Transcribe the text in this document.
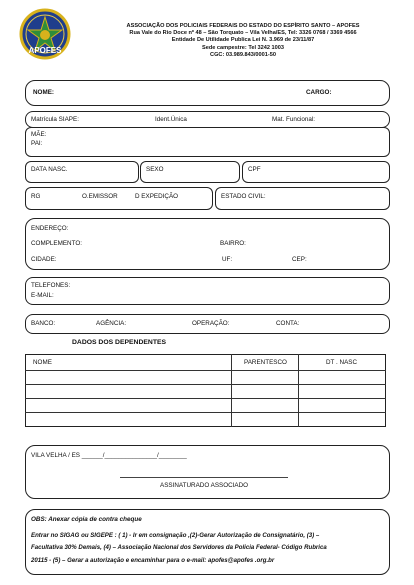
APOFES
ASSOCIAÇÃO DOS POLICIAIS FEDERAIS DO ESTADO DO ESPÍRITO SANTO – APOFES
Rua Vale do Rio Doce nº 48 – São Torquato – Vila Velha/ES, Tel: 3326 0768 / 3369 4566
Entidade De Utilidade Publica Lei N. 3.969 de 23/11/87
Sede campestre: Tel 3242 1003
CGC: 03.989.843/0001-50
NOME:	CARGO:
Matrícula SIAPE:	Ident.Única	Mat. Funcional:
MÃE:
PAI:
DATA NASC.	SEXO	CPF
RG	O.EMISSOR	D EXPEDIÇÃO	ESTADO CIVIL:
ENDEREÇO:
COMPLEMENTO:	BAIRRO:
CIDADE:	UF:	CEP:
TELEFONES:
E-MAIL:
BANCO:	AGÊNCIA:	OPERAÇÃO:	CONTA:
DADOS DOS DEPENDENTES
NOME	PARENTESCO	DT . NASC
VILA VELHA / ES ______/_______________/________
ASSINATURADO ASSOCIADO
OBS: Anexar cópia de contra cheque
Entrar no SIGAG ou SIGEPE : ( 1) - Ir em consignação ,(2)-Gerar Autorização de Consignatário, (3) –
Facultativa 30% Demais, (4) – Associação Nacional dos Servidores da Policia Federal- Código Rubrica
20115 - (5) – Gerar a autorização e encaminhar para o e-mail: apofes@apofes .org.br
